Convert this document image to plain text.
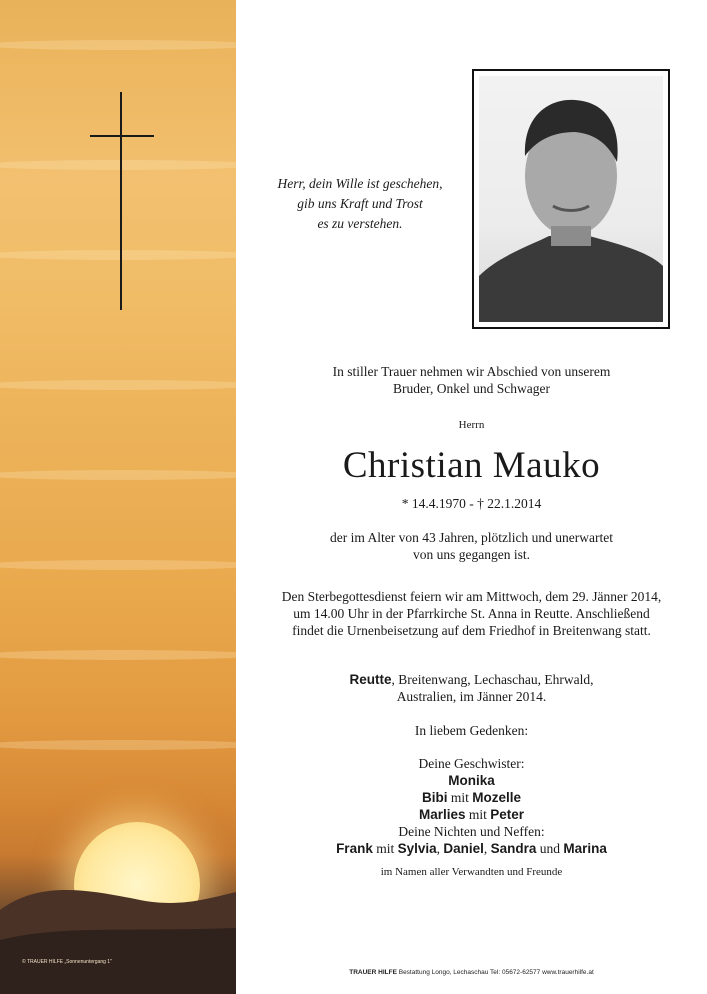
© TRAUER HILFE „Sonnenuntergang 1"
Herr, dein Wille ist geschehen,
gib uns Kraft und Trost
es zu verstehen.
In stiller Trauer nehmen wir Abschied von unserem
Bruder, Onkel und Schwager
Herrn
Christian Mauko
* 14.4.1970 - † 22.1.2014
der im Alter von 43 Jahren, plötzlich und unerwartet
von uns gegangen ist.
Den Sterbegottesdienst feiern wir am Mittwoch, dem 29. Jänner 2014,
um 14.00 Uhr in der Pfarrkirche St. Anna in Reutte. Anschließend
findet die Urnenbeisetzung auf dem Friedhof in Breitenwang statt.
Reutte, Breitenwang, Lechaschau, Ehrwald,
Australien, im Jänner 2014.
In liebem Gedenken:
Deine Geschwister:
Monika
Bibi mit Mozelle
Marlies mit Peter
Deine Nichten und Neffen:
Frank mit Sylvia, Daniel, Sandra und Marina
im Namen aller Verwandten und Freunde
TRAUER HILFE Bestattung Longo, Lechaschau Tel: 05672-62577 www.trauerhilfe.at
